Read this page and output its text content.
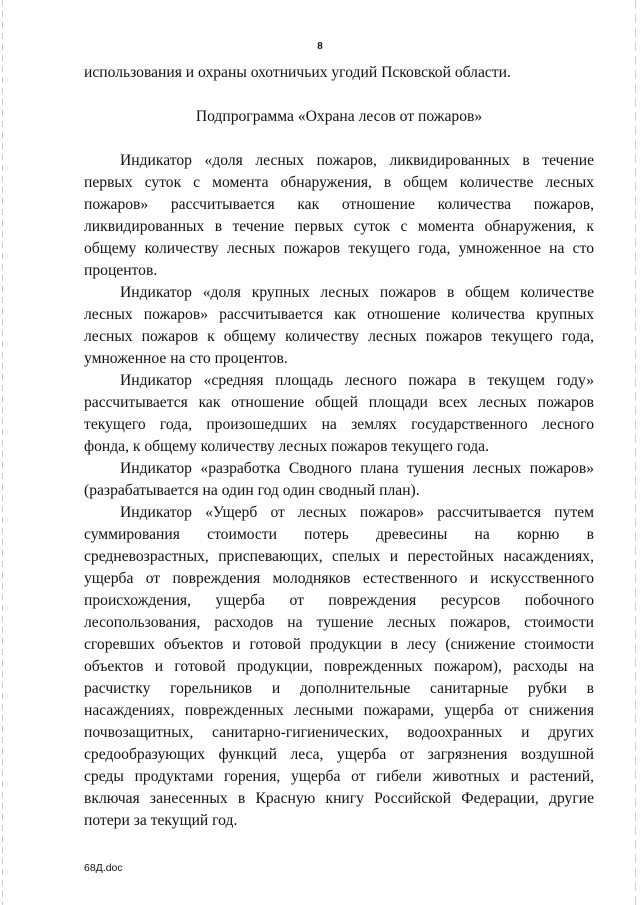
8
использования и охраны охотничьих угодий Псковской области.
Подпрограмма «Охрана лесов от пожаров»
Индикатор «доля лесных пожаров, ликвидированных в течение
первых суток с момента обнаружения, в общем количестве лесных
пожаров» рассчитывается как отношение количества пожаров,
ликвидированных в течение первых суток с момента обнаружения, к
общему количеству лесных пожаров текущего года, умноженное на сто
процентов.
Индикатор «доля крупных лесных пожаров в общем количестве
лесных пожаров» рассчитывается как отношение количества крупных
лесных пожаров к общему количеству лесных пожаров текущего года,
умноженное на сто процентов.
Индикатор «средняя площадь лесного пожара в текущем году»
рассчитывается как отношение общей площади всех лесных пожаров
текущего года, произошедших на землях государственного лесного
фонда, к общему количеству лесных пожаров текущего года.
Индикатор «разработка Сводного плана тушения лесных пожаров»
(разрабатывается на один год один сводный план).
Индикатор «Ущерб от лесных пожаров» рассчитывается путем
суммирования стоимости потерь древесины на корню в
средневозрастных, приспевающих, спелых и перестойных насаждениях,
ущерба от повреждения молодняков естественного и искусственного
происхождения, ущерба от повреждения ресурсов побочного
лесопользования, расходов на тушение лесных пожаров, стоимости
сгоревших объектов и готовой продукции в лесу (снижение стоимости
объектов и готовой продукции, поврежденных пожаром), расходы на
расчистку горельников и дополнительные санитарные рубки в
насаждениях, поврежденных лесными пожарами, ущерба от снижения
почвозащитных, санитарно-гигиенических, водоохранных и других
средообразующих функций леса, ущерба от загрязнения воздушной
среды продуктами горения, ущерба от гибели животных и растений,
включая занесенных в Красную книгу Российской Федерации, другие
потери за текущий год.
68Д.doc
